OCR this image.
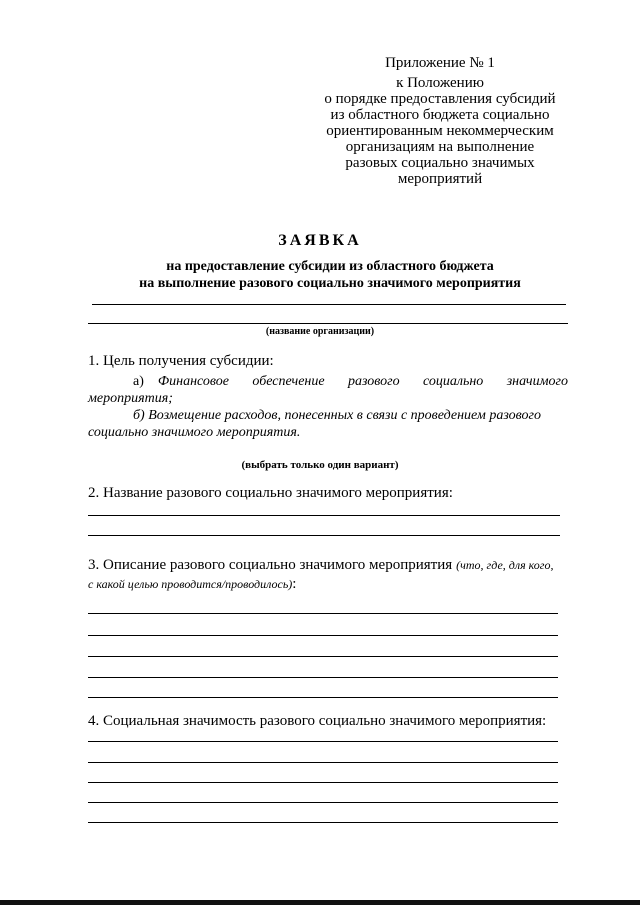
Приложение № 1
к Положению
о порядке предоставления субсидий
из областного бюджета социально
ориентированным некоммерческим
организациям на выполнение
разовых социально значимых
мероприятий
ЗАЯВКА
на предоставление субсидии из областного бюджета
на выполнение разового социально значимого мероприятия
(название организации)
1. Цель получения субсидии:
а) Финансовое обеспечение разового социально значимого
мероприятия;
б) Возмещение расходов, понесенных в связи с проведением разового
социально значимого мероприятия.
(выбрать только один вариант)
2. Название разового социально значимого мероприятия:
3. Описание разового социально значимого мероприятия (что, где, для кого,
с какой целью проводится/проводилось):
4. Социальная значимость разового социально значимого мероприятия:
